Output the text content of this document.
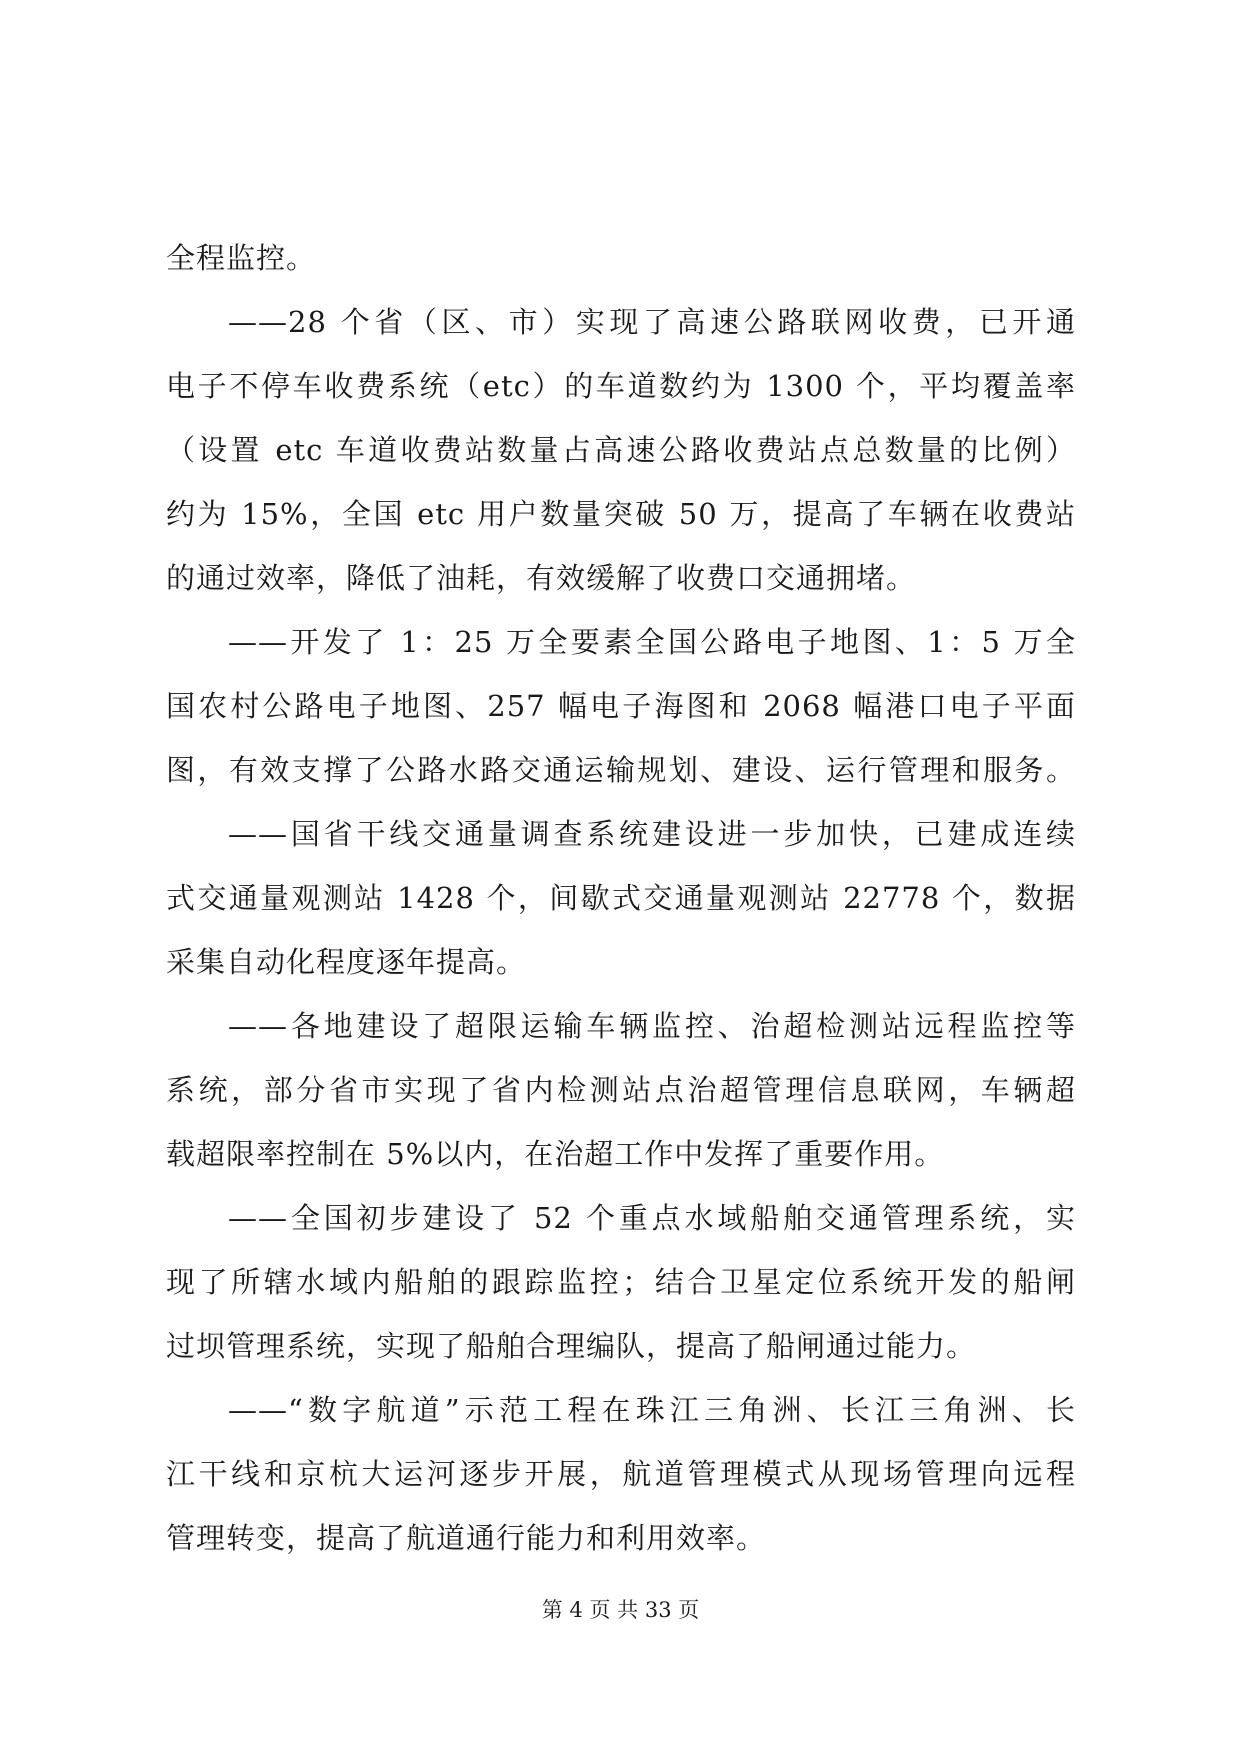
全程监控。
——28 个省（区、市）实现了高速公路联网收费，已开通
电子不停车收费系统（etc）的车道数约为 1300 个，平均覆盖率
（设置 etc 车道收费站数量占高速公路收费站点总数量的比例）
约为 15%，全国 etc 用户数量突破 50 万，提高了车辆在收费站
的通过效率，降低了油耗，有效缓解了收费口交通拥堵。
——开发了 1：25 万全要素全国公路电子地图、1：5 万全
国农村公路电子地图、257 幅电子海图和 2068 幅港口电子平面
图，有效支撑了公路水路交通运输规划、建设、运行管理和服务。
——国省干线交通量调查系统建设进一步加快，已建成连续
式交通量观测站 1428 个，间歇式交通量观测站 22778 个，数据
采集自动化程度逐年提高。
——各地建设了超限运输车辆监控、治超检测站远程监控等
系统，部分省市实现了省内检测站点治超管理信息联网，车辆超
载超限率控制在 5%以内，在治超工作中发挥了重要作用。
——全国初步建设了 52 个重点水域船舶交通管理系统，实
现了所辖水域内船舶的跟踪监控；结合卫星定位系统开发的船闸
过坝管理系统，实现了船舶合理编队，提高了船闸通过能力。
——“数字航道”示范工程在珠江三角洲、长江三角洲、长
江干线和京杭大运河逐步开展，航道管理模式从现场管理向远程
管理转变，提高了航道通行能力和利用效率。
第 4 页 共 33 页
